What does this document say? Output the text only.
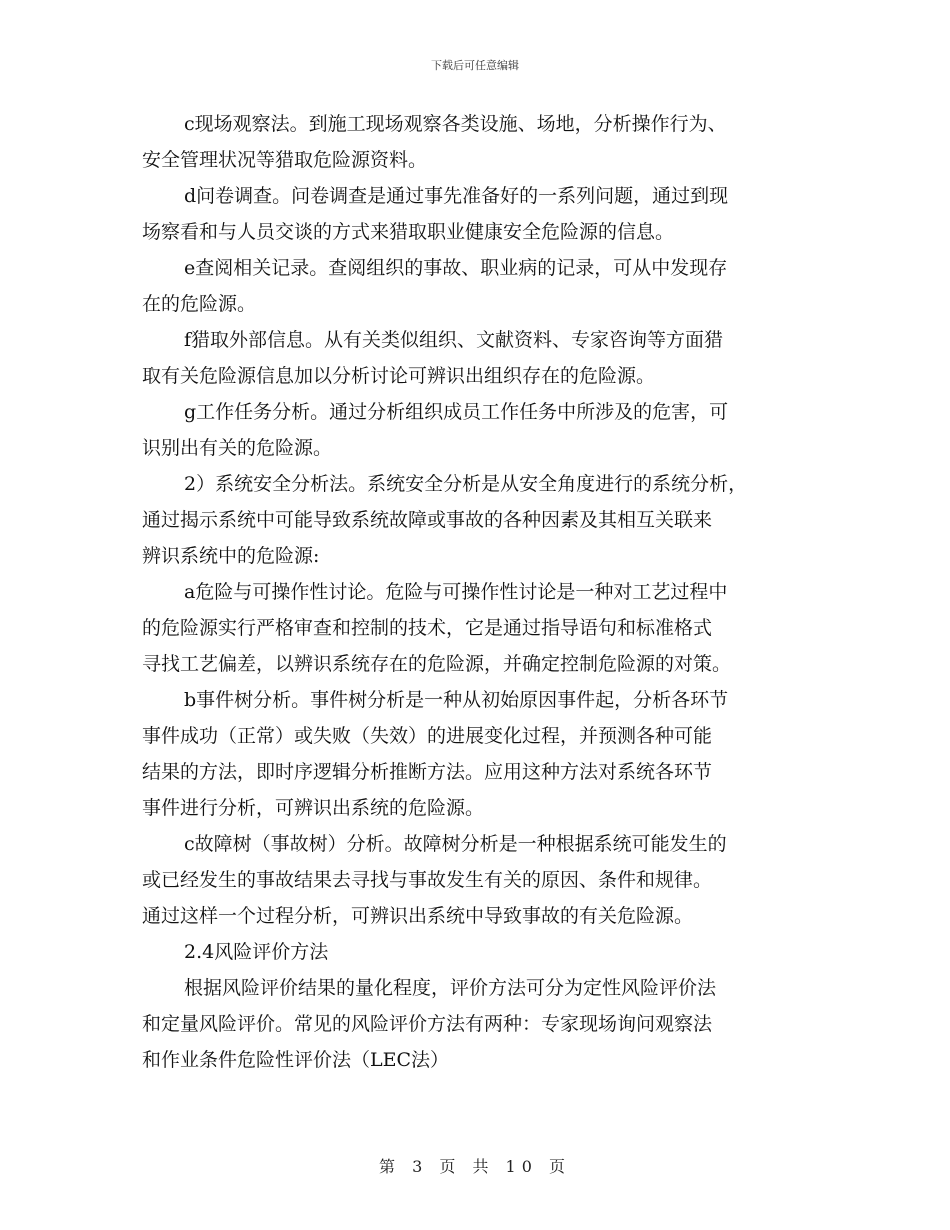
下载后可任意编辑

c现场观察法。到施工现场观察各类设施、场地，分析操作行为、
安全管理状况等猎取危险源资料。

d问卷调查。问卷调查是通过事先准备好的一系列问题，通过到现
场察看和与人员交谈的方式来猎取职业健康安全危险源的信息。

e查阅相关记录。查阅组织的事故、职业病的记录，可从中发现存
在的危险源。

f猎取外部信息。从有关类似组织、文献资料、专家咨询等方面猎
取有关危险源信息加以分析讨论可辨识出组织存在的危险源。

g工作任务分析。通过分析组织成员工作任务中所涉及的危害，可
识别出有关的危险源。

2）系统安全分析法。系统安全分析是从安全角度进行的系统分析，
通过揭示系统中可能导致系统故障或事故的各种因素及其相互关联来
辨识系统中的危险源:

a危险与可操作性讨论。危险与可操作性讨论是一种对工艺过程中
的危险源实行严格审查和控制的技术，它是通过指导语句和标准格式
寻找工艺偏差，以辨识系统存在的危险源，并确定控制危险源的对策。

b事件树分析。事件树分析是一种从初始原因事件起，分析各环节
事件成功（正常）或失败（失效）的进展变化过程，并预测各种可能
结果的方法，即时序逻辑分析推断方法。应用这种方法对系统各环节
事件进行分析，可辨识出系统的危险源。

c故障树（事故树）分析。故障树分析是一种根据系统可能发生的
或已经发生的事故结果去寻找与事故发生有关的原因、条件和规律。
通过这样一个过程分析，可辨识出系统中导致事故的有关危险源。

2.4风险评价方法

根据风险评价结果的量化程度，评价方法可分为定性风险评价法
和定量风险评价。常见的风险评价方法有两种：专家现场询问观察法
和作业条件危险性评价法（LEC法）

第 3 页 共 10 页
